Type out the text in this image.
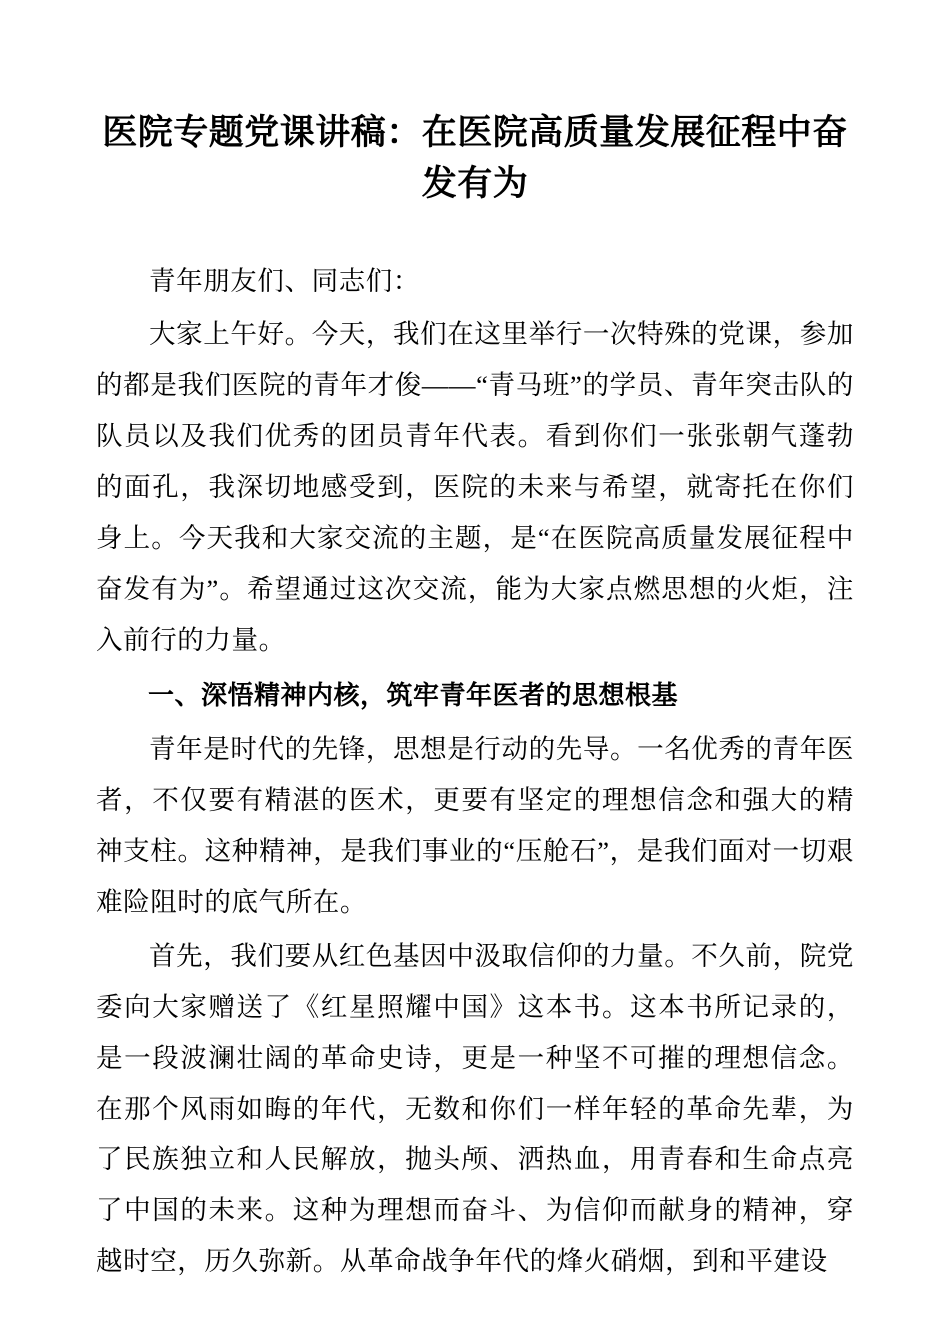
医院专题党课讲稿：在医院高质量发展征程中奋发有为

青年朋友们、同志们：

大家上午好。今天，我们在这里举行一次特殊的党课，参加的都是我们医院的青年才俊——“青马班”的学员、青年突击队的队员以及我们优秀的团员青年代表。看到你们一张张朝气蓬勃的面孔，我深切地感受到，医院的未来与希望，就寄托在你们身上。今天我和大家交流的主题，是“在医院高质量发展征程中奋发有为”。希望通过这次交流，能为大家点燃思想的火炬，注入前行的力量。

一、深悟精神内核，筑牢青年医者的思想根基

青年是时代的先锋，思想是行动的先导。一名优秀的青年医者，不仅要有精湛的医术，更要有坚定的理想信念和强大的精神支柱。这种精神，是我们事业的“压舱石”，是我们面对一切艰难险阻时的底气所在。

首先，我们要从红色基因中汲取信仰的力量。不久前，院党委向大家赠送了《红星照耀中国》这本书。这本书所记录的，是一段波澜壮阔的革命史诗，更是一种坚不可摧的理想信念。在那个风雨如晦的年代，无数和你们一样年轻的革命先辈，为了民族独立和人民解放，抛头颅、洒热血，用青春和生命点亮了中国的未来。这种为理想而奋斗、为信仰而献身的精神，穿越时空，历久弥新。从革命战争年代的烽火硝烟，到和平建设
